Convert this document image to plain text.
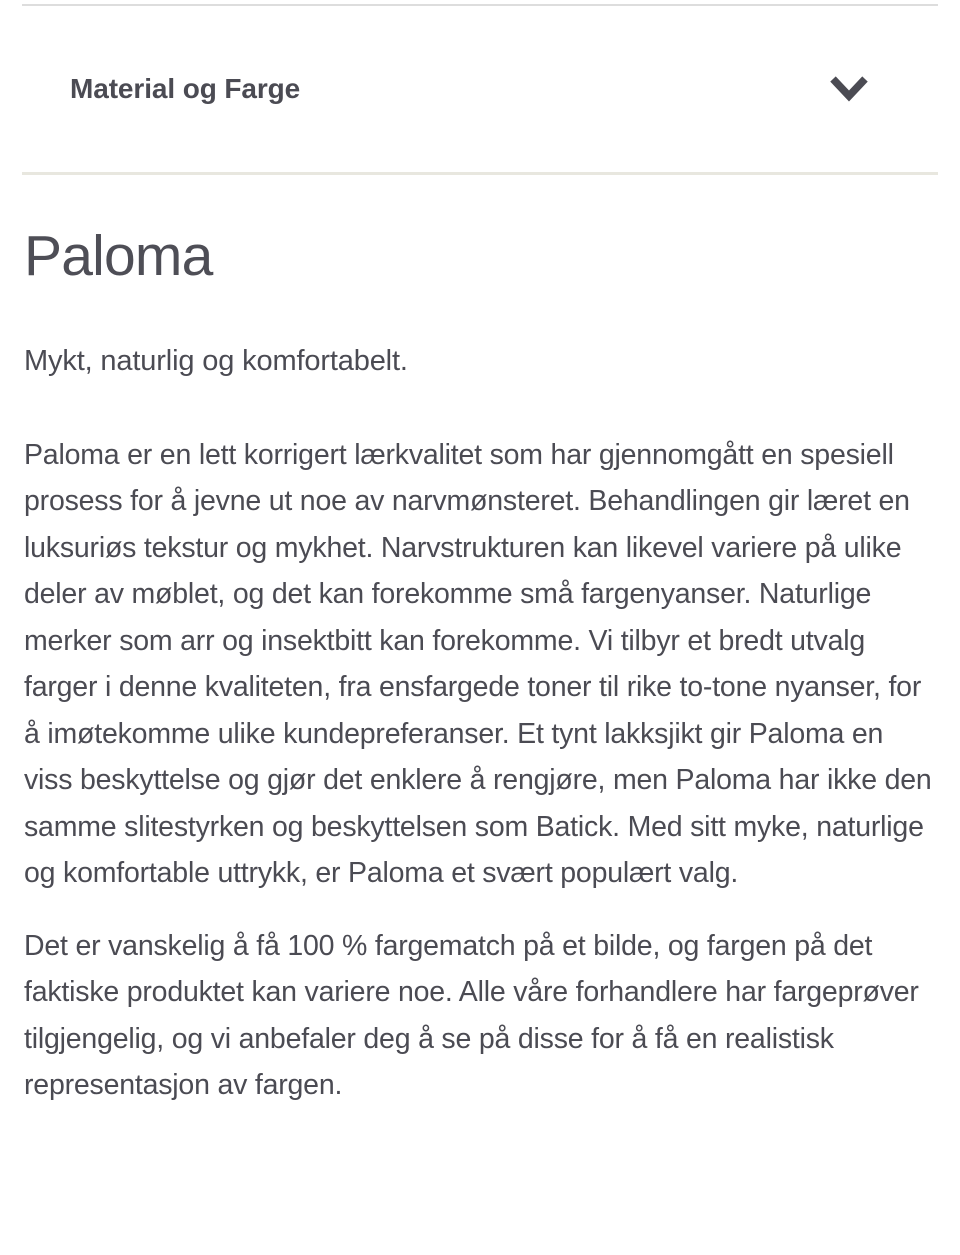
Material og Farge
Paloma

Mykt, naturlig og komfortabelt.

Paloma er en lett korrigert lærkvalitet som har gjennomgått en spesiell prosess for å jevne ut noe av narvmønsteret. Behandlingen gir læret en luksuriøs tekstur og mykhet. Narvstrukturen kan likevel variere på ulike deler av møblet, og det kan forekomme små fargenyanser. Naturlige merker som arr og insektbitt kan forekomme. Vi tilbyr et bredt utvalg farger i denne kvaliteten, fra ensfargede toner til rike to-tone nyanser, for å imøtekomme ulike kundepreferanser. Et tynt lakksjikt gir Paloma en viss beskyttelse og gjør det enklere å rengjøre, men Paloma har ikke den samme slitestyrken og beskyttelsen som Batick. Med sitt myke, naturlige og komfortable uttrykk, er Paloma et svært populært valg.

Det er vanskelig å få 100 % fargematch på et bilde, og fargen på det faktiske produktet kan variere noe. Alle våre forhandlere har fargeprøver tilgjengelig, og vi anbefaler deg å se på disse for å få en realistisk representasjon av fargen.
